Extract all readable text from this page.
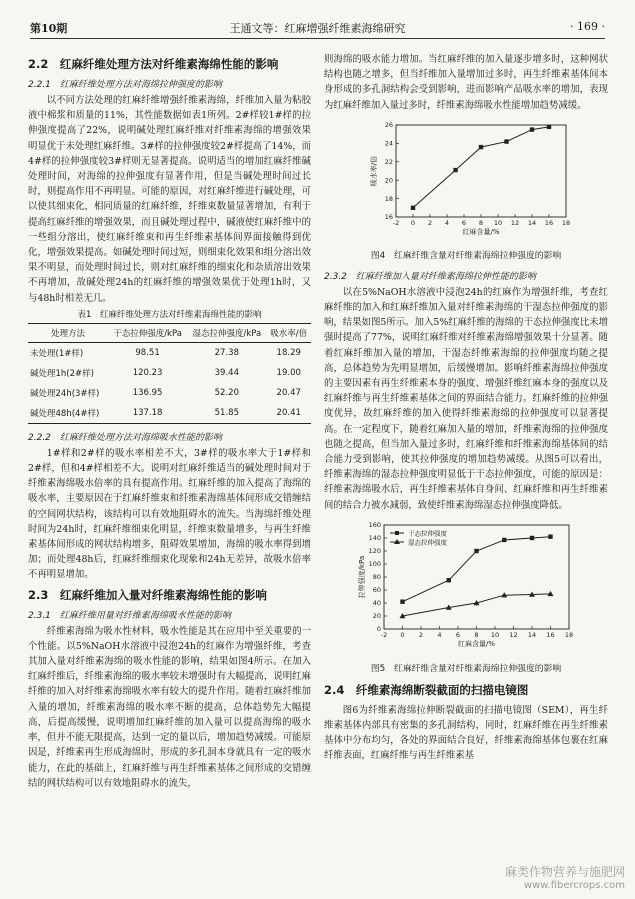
第10期	王通文等：红麻增强纤维素海绵研究	· 169 ·
2.2　红麻纤维处理方法对纤维素海绵性能的影响
2.2.1　红麻纤维处理方法对海绵拉伸强度的影响

以不同方法处理的红麻纤维增强纤维素海绵，纤维加入量为粘胶液中棉浆和质量的11%，其性能数据如表1所列。2#样较1#样的拉伸强度提高了22%，说明碱处理红麻纤维对纤维素海绵的增强效果明显优于未处理红麻纤维。3#样的拉伸强度较2#样提高了14%，而4#样的拉伸强度较3#样则无显著提高。说明适当的增加红麻纤维碱处理时间，对海绵的拉伸强度有显著作用，但是当碱处理时间过长时，则提高作用不再明显。可能的原因，对红麻纤维进行碱处理，可以使其细束化，相同质量的红麻纤维，纤维束数量显著增加，有利于提高红麻纤维的增强效果，而且碱处理过程中，碱液使红麻纤维中的一些组分溶出，使红麻纤维束和再生纤维素基体间界面接触得到优化，增强效果提高。如碱处理时间过短，则细束化效果和组分溶出效果不明显，而处理时间过长，则对红麻纤维的细束化和杂质溶出效果不再增加，故碱处理24h的红麻纤维的增强效果优于处理1h时，又与48h时相差无几。

表1　红麻纤维处理方法对纤维素海绵性能的影响
处理方法	干态拉伸强度/kPa	湿态拉伸强度/kPa	吸水率/倍
未处理(1#样)	98.51	27.38	18.29
碱处理1h(2#样)	120.23	39.44	19.00
碱处理24h(3#样)	136.95	52.20	20.47
碱处理48h(4#样)	137.18	51.85	20.41
2.2.2　红麻纤维处理方法对海绵吸水性能的影响

1#样和2#样的吸水率相差不大，3#样的吸水率大于1#样和2#样，但和4#样相差不大。说明对红麻纤维适当的碱处理时间对于纤维素海绵吸水倍率的具有提高作用。红麻纤维的加入提高了海绵的吸水率，主要原因在于红麻纤维束和纤维素海绵基体间形成交错缠结的空间网状结构，该结构可以有效地阻碍水的流失。当海绵纤维处理时间为24h时，红麻纤维细束化明显，纤维束数量增多，与再生纤维素基体间形成的网状结构增多，阻碍效果增加，海绵的吸水率得到增加；而处理48h后，红麻纤维细束化现象和24h无差异，故吸水倍率不再明显增加。

2.3　红麻纤维加入量对纤维素海绵性能的影响
2.3.1　红麻纤维用量对纤维素海绵吸水性能的影响

纤维素海绵为吸水性材料，吸水性能是其在应用中至关重要的一个性能。以5%NaOH水溶液中浸泡24h的红麻作为增强纤维，考查其加入量对纤维素海绵的吸水性能的影响，结果如图4所示。在加入红麻纤维后，纤维素海绵的吸水率较未增强时有大幅提高，说明红麻纤维的加入对纤维素海绵吸水率有较大的提升作用。随着红麻纤维加入量的增加，纤维素海绵的吸水率不断的提高，总体趋势先大幅提高，后提高缓慢，说明增加红麻纤维的加入量可以提高海绵的吸水率，但并不能无限提高，达到一定的量以后，增加趋势减缓。可能原因是，纤维素再生形成海绵时，形成的多孔洞本身就具有一定的吸水能力，在此的基础上，红麻纤维与再生纤维素基体之间形成的交错缠结的网状结构可以有效地阻碍水的流失，

则海绵的吸水能力增加。当红麻纤维的加入量逐步增多时，这种网状结构也随之增多，但当纤维加入量增加过多时，再生纤维素基体间本身形成的多孔洞结构会受到影响，进而影响产品吸水率的增加，表现为红麻纤维加入量过多时，纤维素海绵吸水性能增加趋势减缓。

-2 0 2 4 6 8 10 12 14 16 18
16
18
20
22
24
26
红麻含量/%
吸水率/倍
图4　红麻纤维含量对纤维素海绵拉伸强度的影响
2.3.2　红麻纤维加入量对纤维素海绵拉伸性能的影响

以在5%NaOH水溶液中浸泡24h的红麻作为增强纤维，考查红麻纤维的加入和红麻纤维加入量对纤维素海绵的干湿态拉伸强度的影响，结果如图5所示。加入5%红麻纤维的海绵的干态拉伸强度比未增强时提高了77%，说明红麻纤维对纤维素海绵增强效果十分显著。随着红麻纤维加入量的增加，干湿态纤维素海绵的拉伸强度均随之提高，总体趋势为先明显增加，后缓慢增加。影响纤维素海绵拉伸强度的主要因素有再生纤维素本身的强度、增强纤维红麻本身的强度以及红麻纤维与再生纤维素基体之间的界面结合能力。红麻纤维的拉伸强度优异，故红麻纤维的加入使得纤维素海绵的拉伸强度可以显著提高。在一定程度下，随着红麻加入量的增加，纤维素海绵的拉伸强度也随之提高，但当加入量过多时，红麻纤维和纤维素海绵基体间的结合能力受到影响，使其拉伸强度的增加趋势减缓。从图5可以看出，纤维素海绵的湿态拉伸强度明显低于干态拉伸强度，可能的原因是：纤维素海绵吸水后，再生纤维素基体自身间、红麻纤维和再生纤维素间的结合力被水减弱，致使纤维素海绵湿态拉伸强度降低。

-2 0 2 4 6 8 10 12 14 16 18
0
20
40
60
80
100
120
140
160
红麻含量/%
拉伸强度/kPa
干态拉伸强度
湿态拉伸强度
图5　红麻纤维含量对纤维素海绵拉伸强度的影响
2.4　纤维素海绵断裂截面的扫描电镜图

图6为纤维素海绵拉伸断裂截面的扫描电镜图（SEM），再生纤维素基体内部具有密集的多孔洞结构，同时，红麻纤维在再生纤维素基体中分布均匀，各处的界面结合良好，纤维素海绵基体包裹在红麻纤维表面，红麻纤维与再生纤维素基

麻类作物营养与施肥网
www.fibercrops.com
